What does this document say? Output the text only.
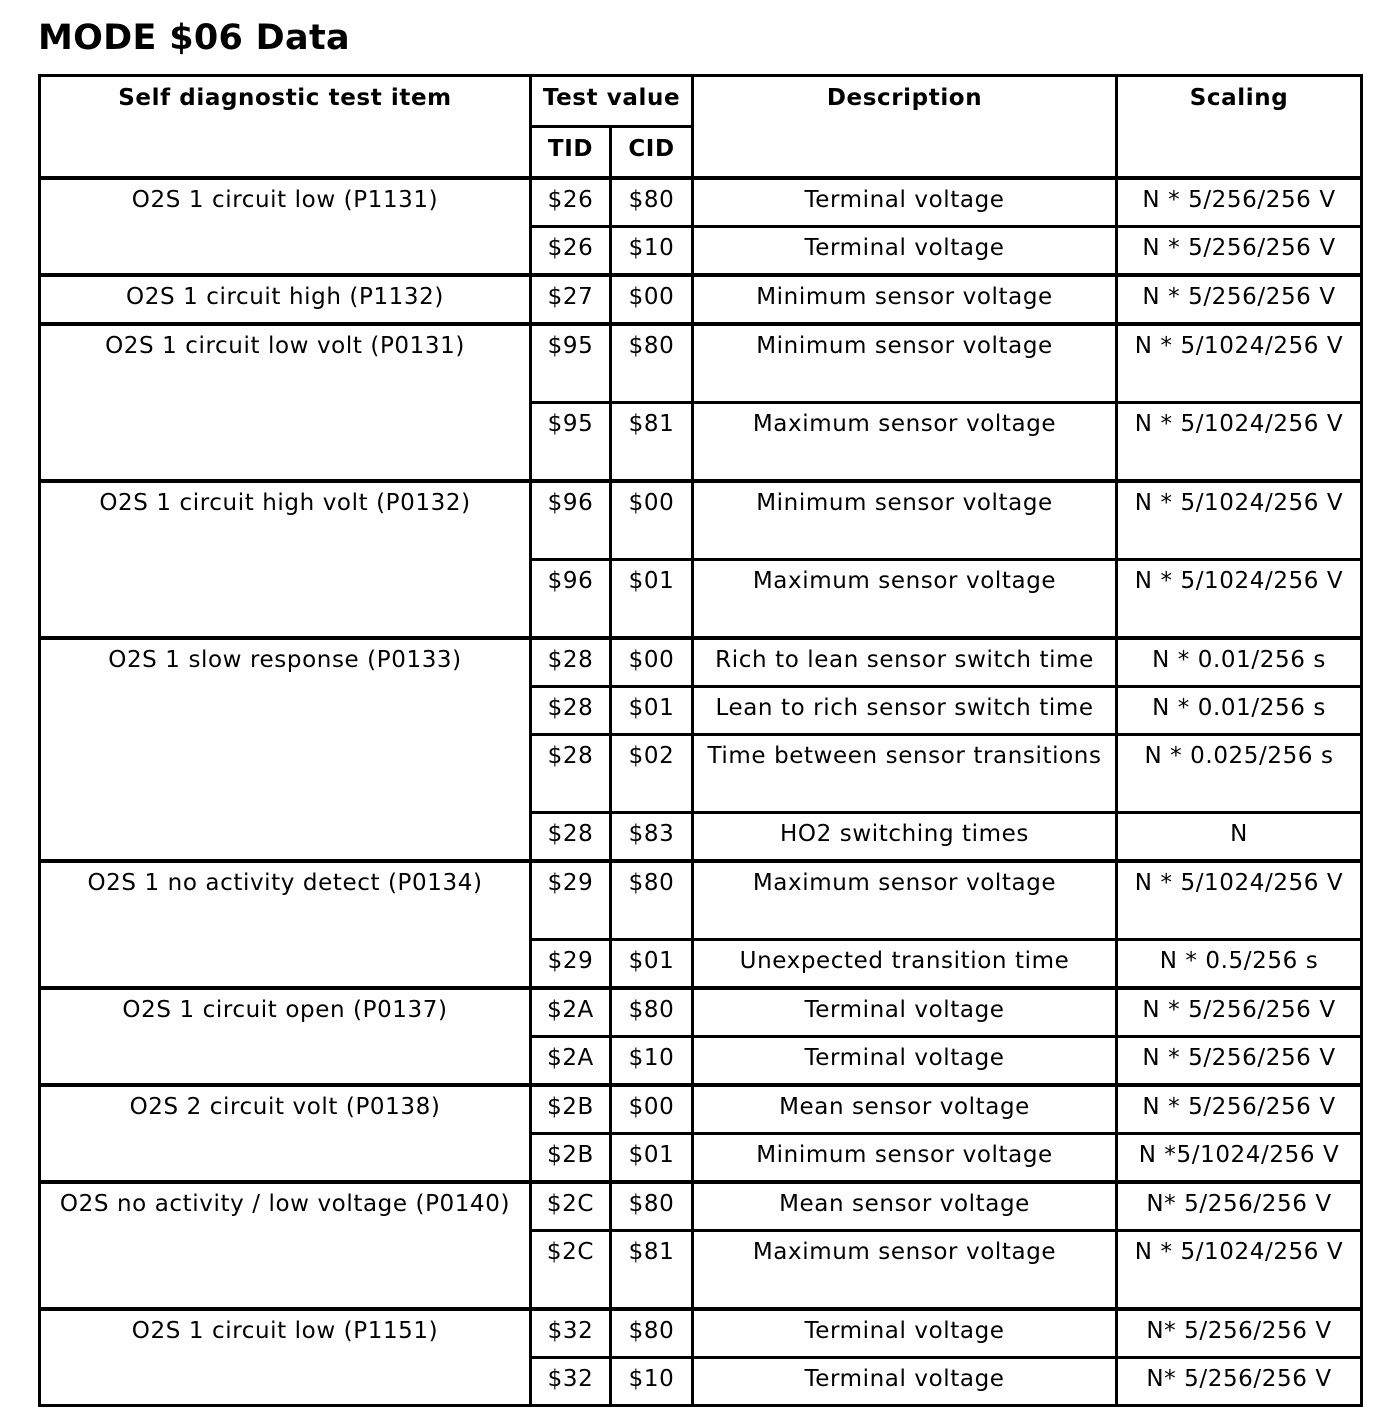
MODE $06 Data
Self diagnostic test item	Test value		Description	Scaling
	TID	CID		
O2S 1 circuit low (P1131)	$26	$80	Terminal voltage	N * 5/256/256 V
	$26	$10	Terminal voltage	N * 5/256/256 V
O2S 1 circuit high (P1132)	$27	$00	Minimum sensor voltage	N * 5/256/256 V
O2S 1 circuit low volt (P0131)	$95	$80	Minimum sensor voltage	N * 5/1024/256 V
	$95	$81	Maximum sensor voltage	N * 5/1024/256 V
O2S 1 circuit high volt (P0132)	$96	$00	Minimum sensor voltage	N * 5/1024/256 V
	$96	$01	Maximum sensor voltage	N * 5/1024/256 V
O2S 1 slow response (P0133)	$28	$00	Rich to lean sensor switch time	N * 0.01/256 s
	$28	$01	Lean to rich sensor switch time	N * 0.01/256 s
	$28	$02	Time between sensor transitions	N * 0.025/256 s
	$28	$83	HO2 switching times	N
O2S 1 no activity detect (P0134)	$29	$80	Maximum sensor voltage	N * 5/1024/256 V
	$29	$01	Unexpected transition time	N * 0.5/256 s
O2S 1 circuit open (P0137)	$2A	$80	Terminal voltage	N * 5/256/256 V
	$2A	$10	Terminal voltage	N * 5/256/256 V
O2S 2 circuit volt (P0138)	$2B	$00	Mean sensor voltage	N * 5/256/256 V
	$2B	$01	Minimum sensor voltage	N *5/1024/256 V
O2S no activity / low voltage (P0140)	$2C	$80	Mean sensor voltage	N* 5/256/256 V
	$2C	$81	Maximum sensor voltage	N * 5/1024/256 V
O2S 1 circuit low (P1151)	$32	$80	Terminal voltage	N* 5/256/256 V
	$32	$10	Terminal voltage	N* 5/256/256 V
